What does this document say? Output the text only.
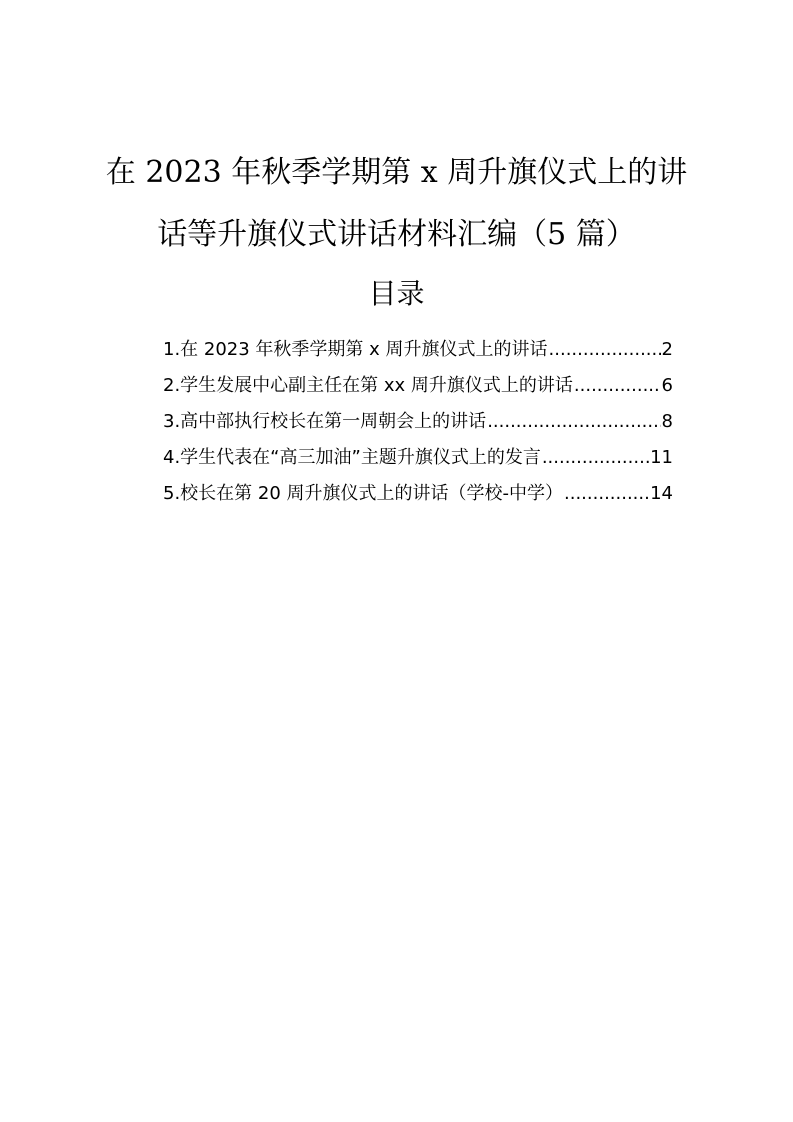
在 2023 年秋季学期第 x 周升旗仪式上的讲
话等升旗仪式讲话材料汇编（5 篇）
目录
1.在 2023 年秋季学期第 x 周升旗仪式上的讲话 .....	2
2.学生发展中心副主任在第 xx 周升旗仪式上的讲话 .....	6
3.高中部执行校长在第一周朝会上的讲话 .....	8
4.学生代表在“高三加油”主题升旗仪式上的发言 .....	11
5.校长在第 20 周升旗仪式上的讲话（学校-中学） .....	14
